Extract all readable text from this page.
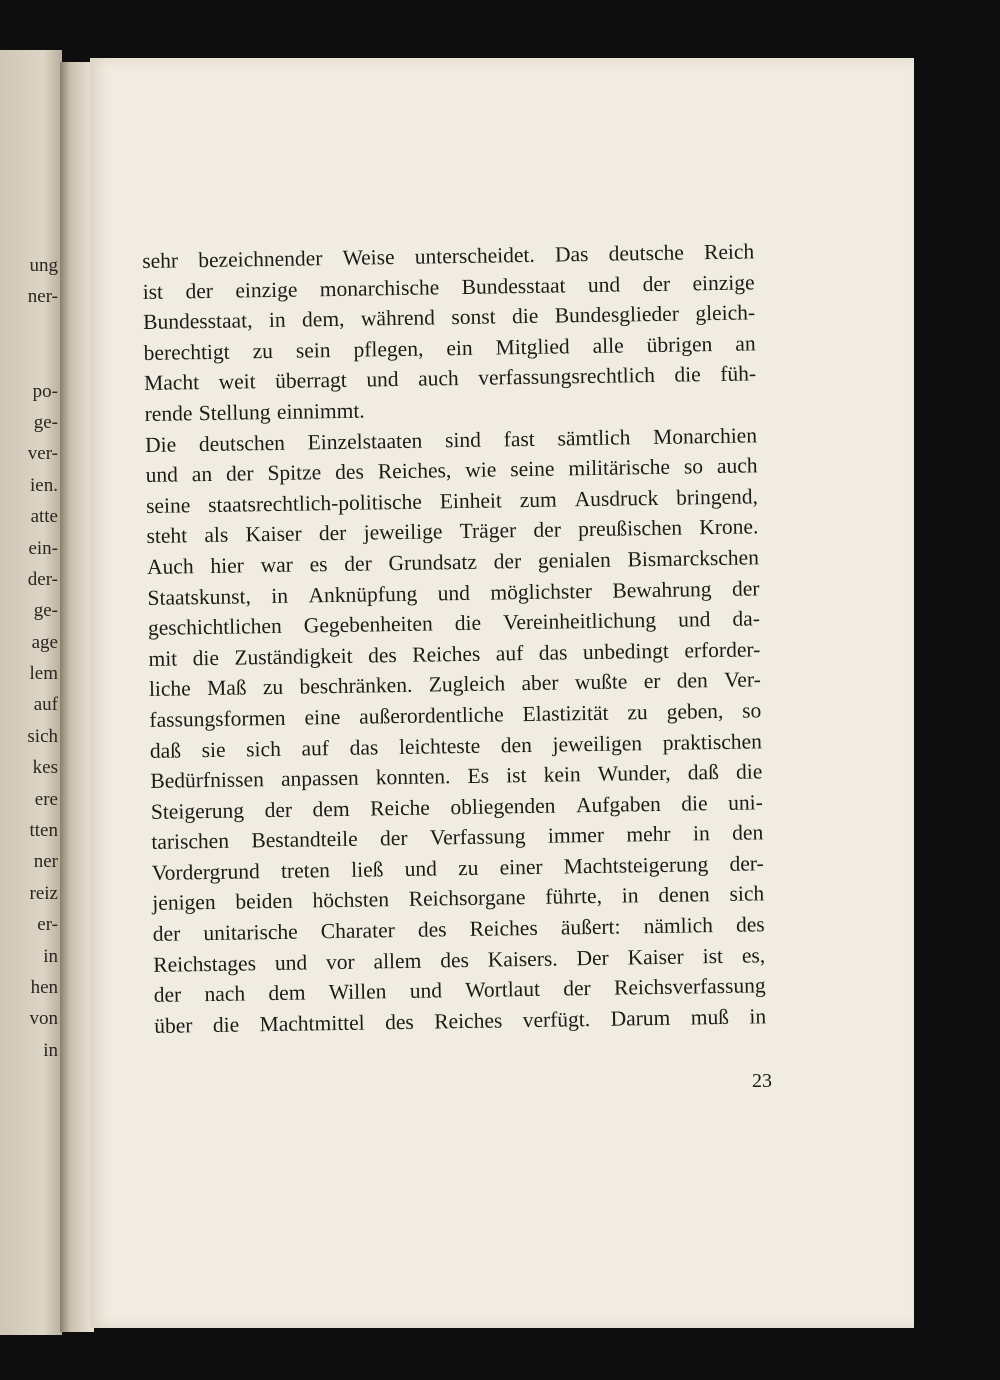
ung
ner-
po-
ge-
ver-
ien.
atte
ein-
der-
ge-
age
lem
auf
sich
kes
ere
tten
ner
reiz
er-
in
hen
von
in
sehr bezeichnender Weise unterscheidet. Das deutsche Reich
ist der einzige monarchische Bundesstaat und der einzige
Bundesstaat, in dem, während sonst die Bundesglieder gleich-
berechtigt zu sein pflegen, ein Mitglied alle übrigen an
Macht weit überragt und auch verfassungsrechtlich die füh-
rende Stellung einnimmt.
Die deutschen Einzelstaaten sind fast sämtlich Monarchien
und an der Spitze des Reiches, wie seine militärische so auch
seine staatsrechtlich-politische Einheit zum Ausdruck bringend,
steht als Kaiser der jeweilige Träger der preußischen Krone.
Auch hier war es der Grundsatz der genialen Bismarckschen
Staatskunst, in Anknüpfung und möglichster Bewahrung der
geschichtlichen Gegebenheiten die Vereinheitlichung und da-
mit die Zuständigkeit des Reiches auf das unbedingt erforder-
liche Maß zu beschränken. Zugleich aber wußte er den Ver-
fassungsformen eine außerordentliche Elastizität zu geben, so
daß sie sich auf das leichteste den jeweiligen praktischen
Bedürfnissen anpassen konnten. Es ist kein Wunder, daß die
Steigerung der dem Reiche obliegenden Aufgaben die uni-
tarischen Bestandteile der Verfassung immer mehr in den
Vordergrund treten ließ und zu einer Machtsteigerung der-
jenigen beiden höchsten Reichsorgane führte, in denen sich
der unitarische Charater des Reiches äußert: nämlich des
Reichstages und vor allem des Kaisers. Der Kaiser ist es,
der nach dem Willen und Wortlaut der Reichsverfassung
über die Machtmittel des Reiches verfügt. Darum muß in
23
